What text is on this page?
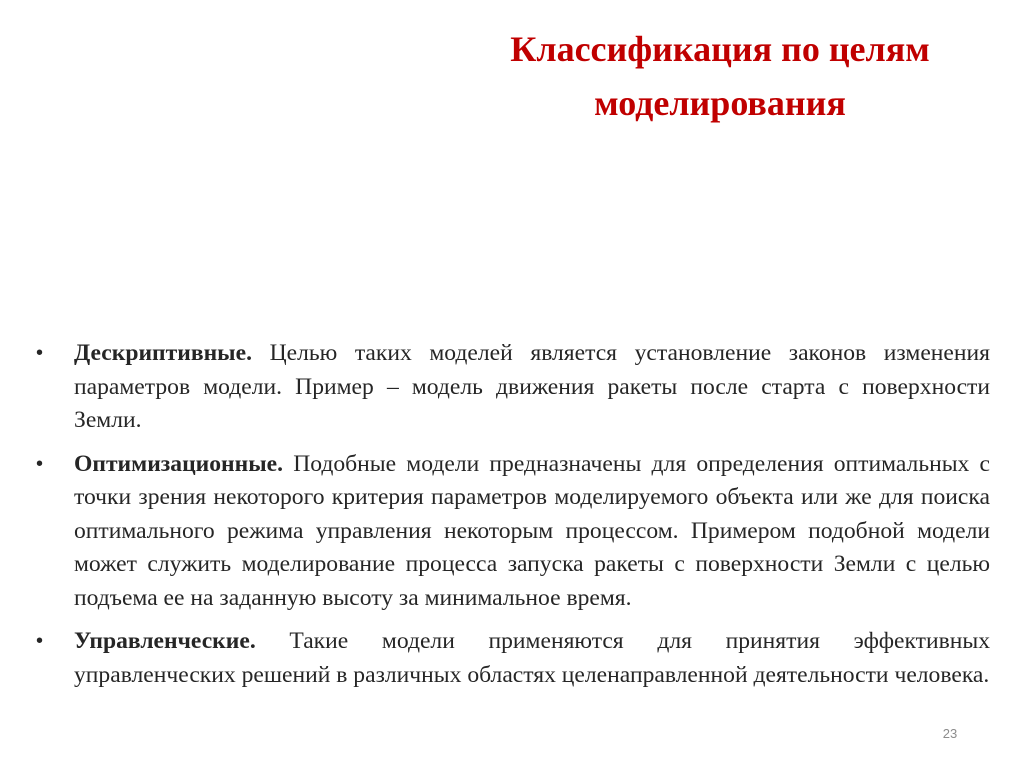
Классификация по целям
моделирования
• Дескриптивные. Целью таких моделей является установление законов изменения параметров модели. Пример – модель движения ракеты после старта с поверхности Земли.
• Оптимизационные. Подобные модели предназначены для определения оптимальных с точки зрения некоторого критерия параметров моделируемого объекта или же для поиска оптимального режима управления некоторым процессом. Примером подобной модели может служить моделирование процесса запуска ракеты с поверхности Земли с целью подъема ее на заданную высоту за минимальное время.
• Управленческие. Такие модели применяются для принятия эффективных управленческих решений в различных областях целенаправленной деятельности человека.
23
